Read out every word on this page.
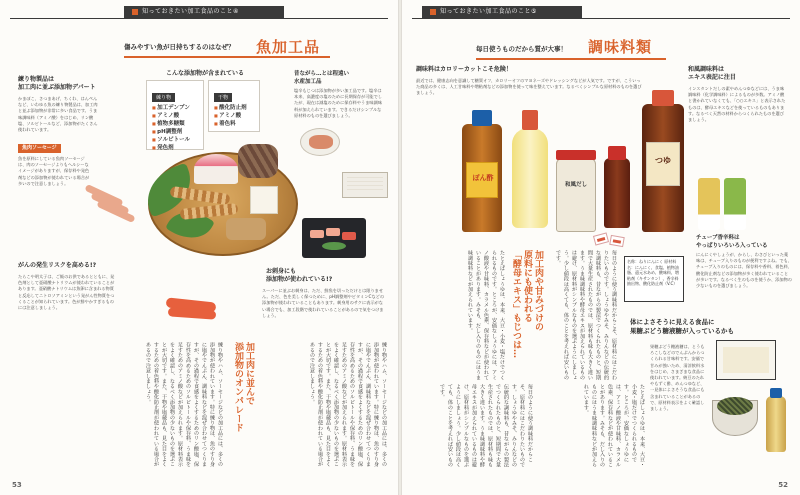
知っておきたい加工食品のこと④
傷みやすい魚が日持ちするのはなぜ？ 魚加工品
練り物製品は
加工肉に並ぶ添加物デパート
かまぼこ、さつまあげ、ちくわ、はんぺんなど、いわゆる魚の練り物製品は、加工肉と並ぶ添加物が非常に多い食品です。うま味調味料（アミノ酸）をはじめ、リン酸塩、ソルビトールなど、添加物がたくさん使われています。
こんな添加物が含まれている
練り物
■ 加工デンプン
■ アミノ酸
■ 植物多糖類
■ pH調整剤
■ ソルビトール
■ 発色剤
干物
■ 酸化防止剤
■ アミノ酸
■ 着色料
昔ながら…とは程遠い
水産加工品
塩辛もじつは添加物が多い加工品です。塩辛は本来、高濃度の塩のために長期保存が可能でしたが、現在は減塩のために保存料やうま味調味料が加えられています。できるだけシンプルな原材料のものを選びましょう。
魚肉ソーセージ
魚を原料にしている魚肉ソーセージは、肉のソーセージよりもヘルシーなイメージがありますが、保存料や発色剤などの添加物が使われている場合が多いので注意しましょう。
がんの発生リスクを高める!?
たらこや明太子は、ご飯のお供であるとともに、発色剤として亜硝酸ナトリウムが使われていることがあります。亜硝酸ナトリウムは魚卵に含まれる物質と反応してニトロソアミンという発がん性物質をつくることが知られています。色が鮮やかすぎるものには注意しましょう。
お刺身にも
添加物が使われている!?
スーパーに並ぶお刺身は、ただ、鮮魚を切っただけとは限りません。ただ、色を美しく保つために、pH調整剤やビタミンCなどの添加物が使われていることもあります。刺身用のサクに表示がない場合でも、加工段階で使われていることがあるので気をつけましょう。
加工肉に並んで
添加物のオンパレード	練り物やハム、ソーセージなどの加工品には、多くの添加物が使われています。特に練り物は、魚のすり身に塩やでんぷん、調味料などを混ぜ合わせてつくりますが、その過程で食感をよくするためのリン酸塩、保存性を高めるためのソルビトールや保存料、うま味を足すためのアミノ酸などが加えられます。原材料表示をよく確認し、なるべく添加物の少ないものを選ぶことが大切です。また、干物や塩蔵品も、見た目をよくするための着色料や酸化防止剤が使われている場合があるので注意しましょう。
練り物やハム、ソーセージなどの加工品には、多くの添加物が使われています。特に練り物は、魚のすり身に塩やでんぷん、調味料などを混ぜ合わせてつくりますが、その過程で食感をよくするためのリン酸塩、保存性を高めるためのソルビトールや保存料、うま味を足すためのアミノ酸などが加えられます。原材料表示をよく確認し、なるべく添加物の少ないものを選ぶことが大切です。また、干物や塩蔵品も、見た目をよくするための着色料や酸化防止剤が使われている場合があるので注意しましょう。
53
知っておきたい加工食品のこと⑤
毎日使うものだから質が大事！ 調味料類
調味料はカロリーカットこそ危険！
最近では、健康志向を意識して糖質オフ、カロリーオフのマヨネーズやドレッシングなどが人気です。ですが、こういった商品の多くは、人工甘味料や増粘剤などの添加物を使って味を整えています。なるべくシンプルな原材料のものを選びましょう。
和風調味料は
エキス表記に注目
インスタントだしの素やめんつゆなどには、うま味調味料（化学調味料）によるものが多数。アミノ酸と書かれていなくても、「○○エキス」と表示されたものは、酵母エキスなどを使っているものもあります。なるべく天然の材料からつくられたものを選びましょう。
ぽん酢
和風だし
つゆ
チューブ香辛料は
やっぱりいろいろ入っている
にんにくやしょうが、からし、わさびといった薬味は、チューブ入りのものが便利ですよね。でも、チューブ入りのものには、保存料や香料、着色料、酸化防止剤などの添加物が多く使われていることが多いです。なるべく生のものを使うか、添加物の少ないものを選びましょう。
名称：ねりにんにく 原材料名：にんにく、食塩、植物油脂、還元水あめ、酸味料、増粘剤（キサンタン）、香辛料抽出物、酸化防止剤（V.C）
加工肉や甘みづけの
原料にも使われる
「酵母エキス」もじつは…	毎日のように使う調味料だからこそ、原材料にはこだわりたいものです。しょうゆやみそ、みりんなどの伝統的な調味料も、昔ながらの製法でつくられたものと、短期間で大量生産されたものでは、原材料も味も大きく違います。うま味調味料や酵母エキスが加えられているものは避け、原材料がシンプルなものを選ぶようにしましょう。少し値段は高くても、体のことを考えれば安いものです。
たとえばしょうゆは、本来、大豆・小麦・塩だけでつくられるものです。ところが、安価なしょうゆには、アミノ酸液や甘味料、カラメル色素、保存料などが使われていることがあります。みそも、だし入りのものにはうま味調味料などが加えられています。
毎日のように使う調味料だからこそ、原材料にはこだわりたいものです。しょうゆやみそ、みりんなどの伝統的な調味料も、昔ながらの製法でつくられたものと、短期間で大量生産されたものでは、原材料も味も大きく違います。うま味調味料や酵母エキスが加えられているものは避け、原材料がシンプルなものを選ぶようにしましょう。少し値段は高くても、体のことを考えれば安いものです。	たとえばしょうゆは、本来、大豆・小麦・塩だけでつくられるものです。ところが、安価なしょうゆには、アミノ酸液や甘味料、カラメル色素、保存料などが使われていることがあります。みそも、だし入りのものにはうま味調味料などが加えられています。
体によさそうに見える食品に
果糖ぶどう糖液糖が入っているかも
果糖ぶどう糖液糖は、とうもろこしなどのでんぷんからつくられる甘味料です。安価で甘みが強いため、清涼飲料水をはじめ、さまざまな食品に使われています。納豆のたれやもずく酢、めんつゆなど、一見体によさそうな食品にも含まれていることがあるので、原材料表示をよく確認しましょう。
52
